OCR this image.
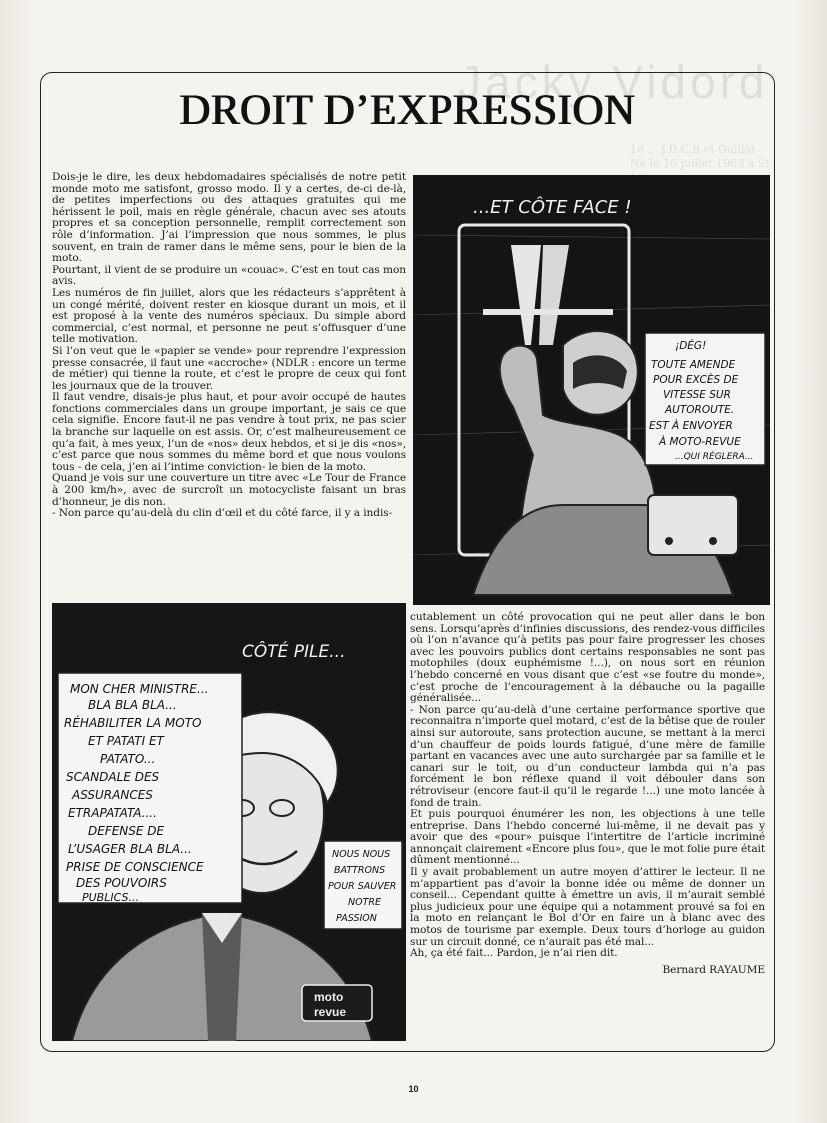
Jacky Vidord
16 ... J.D.C.B et Guillat
Ne le 16 juillet 1963 à St.
DROIT D’EXPRESSION

Dois-je le dire, les deux hebdomadaires spécialisés de notre petit monde moto me satisfont, grosso modo. Il y a certes, de-ci de-là, de petites imperfections ou des attaques gratuites qui me hérissent le poil, mais en règle générale, chacun avec ses atouts propres et sa conception personnelle, remplit correctement son rôle d’information. J’ai l’impression que nous sommes, le plus souvent, en train de ramer dans le même sens, pour le bien de la moto.

Pourtant, il vient de se produire un «couac». C’est en tout cas mon avis.

Les numéros de fin juillet, alors que les rédacteurs s’apprêtent à un congé mérité, doivent rester en kiosque durant un mois, et il est proposé à la vente des numéros spéciaux. Du simple abord commercial, c’est normal, et personne ne peut s’offusquer d’une telle motivation.

Si l’on veut que le «papier se vende» pour reprendre l’expression presse consacrée, il faut une «accroche» (NDLR : encore un terme de métier) qui tienne la route, et c’est le propre de ceux qui font les journaux que de la trouver.

Il faut vendre, disais-je plus haut, et pour avoir occupé de hautes fonctions commerciales dans un groupe important, je sais ce que cela signifie. Encore faut-il ne pas vendre à tout prix, ne pas scier la branche sur laquelle on est assis. Or, c’est malheureusement ce qu’a fait, à mes yeux, l’un de «nos» deux hebdos, et si je dis «nos», c’est parce que nous sommes du même bord et que nous voulons tous - de cela, j’en ai l’intime conviction- le bien de la moto.

Quand je vois sur une couverture un titre avec «Le Tour de France à 200 km/h», avec de surcroît un motocycliste faisant un bras d’honneur, je dis non.

- Non parce qu’au-delà du clin d’œil et du côté farce, il y a indis-

...ET CÔTE FACE !
¡DÉG!
TOUTE AMENDE
POUR EXCÈS DE
VITESSE SUR
AUTOROUTE.
EST À ENVOYER
À MOTO-REVUE
...QUI RÈGLERA...
CÔTÉ PILE...
MON CHER MINISTRE...
BLA BLA BLA...
RÉHABILITER LA MOTO
ET PATATI ET
PATATO...
SCANDALE DES
ASSURANCES
ETRAPATATA....
DEFENSE DE
L’USAGER BLA BLA...
PRISE DE CONSCIENCE
DES POUVOIRS
PUBLICS...
NOUS NOUS
BATTRONS
POUR SAUVER
NOTRE
PASSION
moto
revue

cutablement un côté provocation qui ne peut aller dans le bon sens. Lorsqu’après d’infinies discussions, des rendez-vous difficiles où l’on n’avance qu’à petits pas pour faire progresser les choses avec les pouvoirs publics dont certains responsables ne sont pas motophiles (doux euphémisme !...), on nous sort en réunion l’hebdo concerné en vous disant que c’est «se foutre du monde», c’est proche de l’encouragement à la débauche ou la pagaille généralisée...

- Non parce qu’au-delà d’une certaine performance sportive que reconnaitra n’importe quel motard, c’est de la bêtise que de rouler ainsi sur autoroute, sans protection aucune, se mettant à la merci d’un chauffeur de poids lourds fatigué, d’une mère de famille partant en vacances avec une auto surchargée par sa famille et le canari sur le toit, ou d’un conducteur lambda qui n’a pas forcément le bon réflexe quand il voit débouler dans son rétroviseur (encore faut-il qu’il le regarde !...) une moto lancée à fond de train.

Et puis pourquoi énumérer les non, les objections à une telle entreprise. Dans l’hebdo concerné lui-même, il ne devait pas y avoir que des «pour» puisque l’intertitre de l’article incriminé annonçait clairement «Encore plus fou», que le mot folie pure était dûment mentionné...

Il y avait probablement un autre moyen d’attirer le lecteur. Il ne m’appartient pas d’avoir la bonne idée ou même de donner un conseil... Cependant quitte à émettre un avis, il m’aurait semblé plus judicieux pour une équipe qui a notamment prouvé sa foi en la moto en relançant le Bol d’Or en faire un à blanc avec des motos de tourisme par exemple. Deux tours d’horloge au guidon sur un circuit donné, ce n’aurait pas été mal...

Ah, ça été fait... Pardon, je n’ai rien dit.

Bernard RAYAUME

10
